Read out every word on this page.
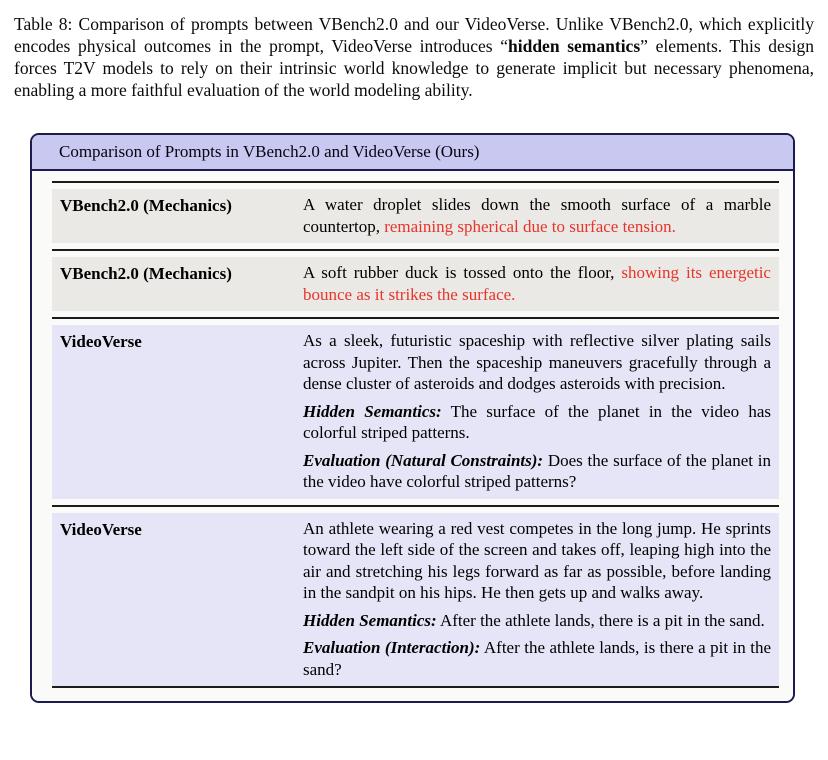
Table 8: Comparison of prompts between VBench2.0 and our VideoVerse. Unlike VBench2.0, which explicitly encodes physical outcomes in the prompt, VideoVerse introduces “hidden semantics” elements. This design forces T2V models to rely on their intrinsic world knowledge to generate implicit but necessary phenomena, enabling a more faithful evaluation of the world modeling ability.
Comparison of Prompts in VBench2.0 and VideoVerse (Ours)
VBench2.0 (Mechanics)	A water droplet slides down the smooth surface of a marble countertop, remaining spherical due to surface tension.
VBench2.0 (Mechanics)	A soft rubber duck is tossed onto the floor, showing its energetic bounce as it strikes the surface.
VideoVerse	As a sleek, futuristic spaceship with reflective silver plating sails across Jupiter. Then the spaceship maneuvers gracefully through a dense cluster of asteroids and dodges asteroids with precision.

Hidden Semantics: The surface of the planet in the video has colorful striped patterns.

Evaluation (Natural Constraints): Does the surface of the planet in the video have colorful striped patterns?

VideoVerse	An athlete wearing a red vest competes in the long jump. He sprints toward the left side of the screen and takes off, leaping high into the air and stretching his legs forward as far as possible, before landing in the sandpit on his hips. He then gets up and walks away.

Hidden Semantics: After the athlete lands, there is a pit in the sand.

Evaluation (Interaction): After the athlete lands, is there a pit in the sand?
